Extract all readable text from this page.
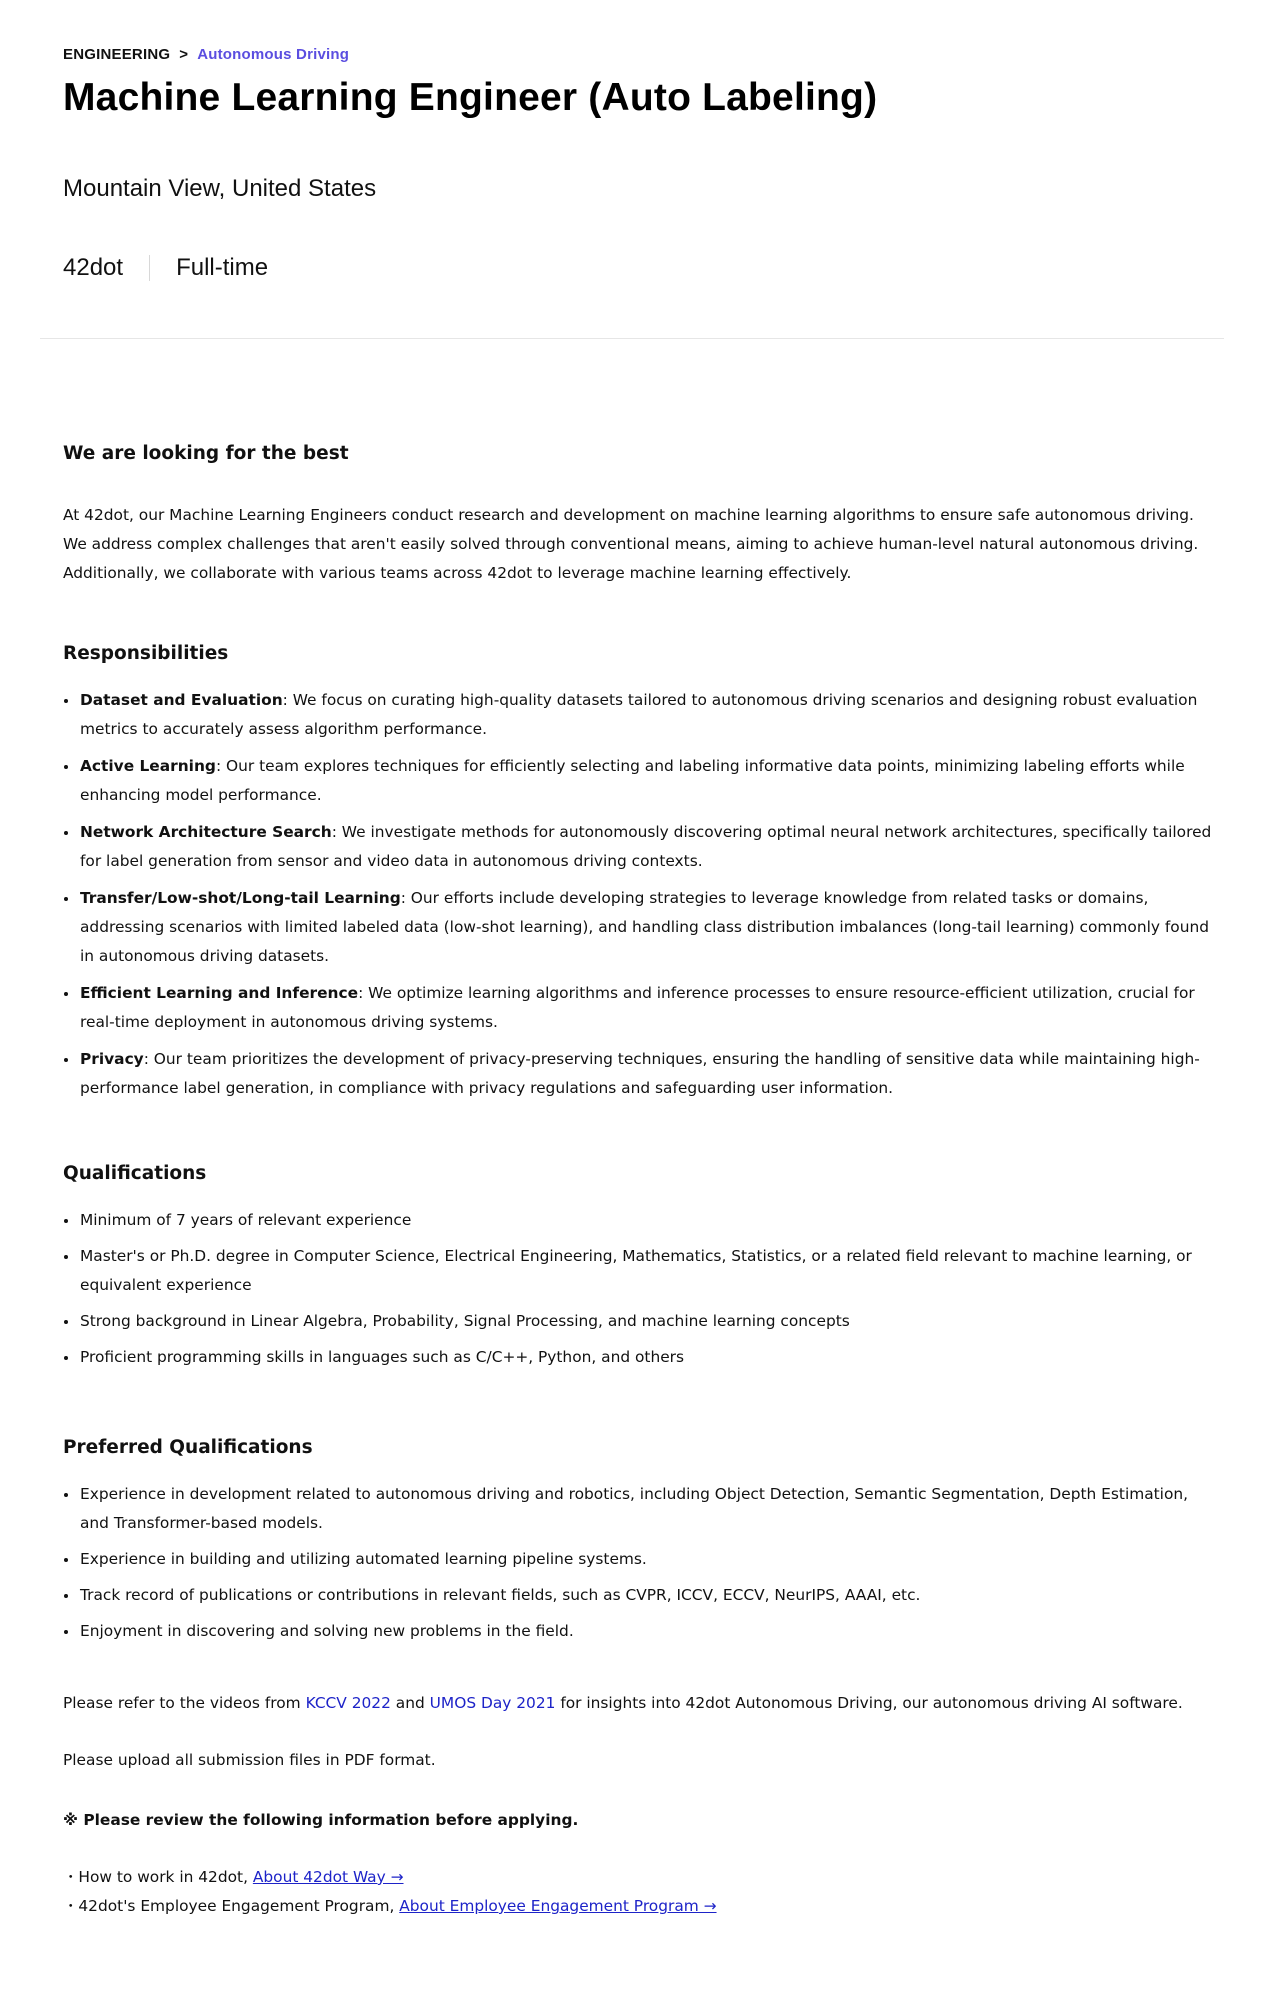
ENGINEERING > Autonomous Driving
Machine Learning Engineer (Auto Labeling)
Mountain View, United States
42dot Full-time
We are looking for the best
At 42dot, our Machine Learning Engineers conduct research and development on machine learning algorithms to ensure safe autonomous driving. We address complex challenges that aren't easily solved through conventional means, aiming to achieve human-level natural autonomous driving. Additionally, we collaborate with various teams across 42dot to leverage machine learning effectively.
Responsibilities
Dataset and Evaluation: We focus on curating high-quality datasets tailored to autonomous driving scenarios and designing robust evaluation metrics to accurately assess algorithm performance.
Active Learning: Our team explores techniques for efficiently selecting and labeling informative data points, minimizing labeling efforts while enhancing model performance.
Network Architecture Search: We investigate methods for autonomously discovering optimal neural network architectures, specifically tailored for label generation from sensor and video data in autonomous driving contexts.
Transfer/Low-shot/Long-tail Learning: Our efforts include developing strategies to leverage knowledge from related tasks or domains, addressing scenarios with limited labeled data (low-shot learning), and handling class distribution imbalances (long-tail learning) commonly found in autonomous driving datasets.
Efficient Learning and Inference: We optimize learning algorithms and inference processes to ensure resource-efficient utilization, crucial for real-time deployment in autonomous driving systems.
Privacy: Our team prioritizes the development of privacy-preserving techniques, ensuring the handling of sensitive data while maintaining high-performance label generation, in compliance with privacy regulations and safeguarding user information.
Qualifications
Minimum of 7 years of relevant experience
Master's or Ph.D. degree in Computer Science, Electrical Engineering, Mathematics, Statistics, or a related field relevant to machine learning, or equivalent experience
Strong background in Linear Algebra, Probability, Signal Processing, and machine learning concepts
Proficient programming skills in languages such as C/C++, Python, and others
Preferred Qualifications
Experience in development related to autonomous driving and robotics, including Object Detection, Semantic Segmentation, Depth Estimation, and Transformer-based models.
Experience in building and utilizing automated learning pipeline systems.
Track record of publications or contributions in relevant fields, such as CVPR, ICCV, ECCV, NeurIPS, AAAI, etc.
Enjoyment in discovering and solving new problems in the field.
Please refer to the videos from KCCV 2022 and UMOS Day 2021 for insights into 42dot Autonomous Driving, our autonomous driving AI software.
Please upload all submission files in PDF format.
※ Please review the following information before applying.
・How to work in 42dot, About 42dot Way →
・42dot's Employee Engagement Program, About Employee Engagement Program →
